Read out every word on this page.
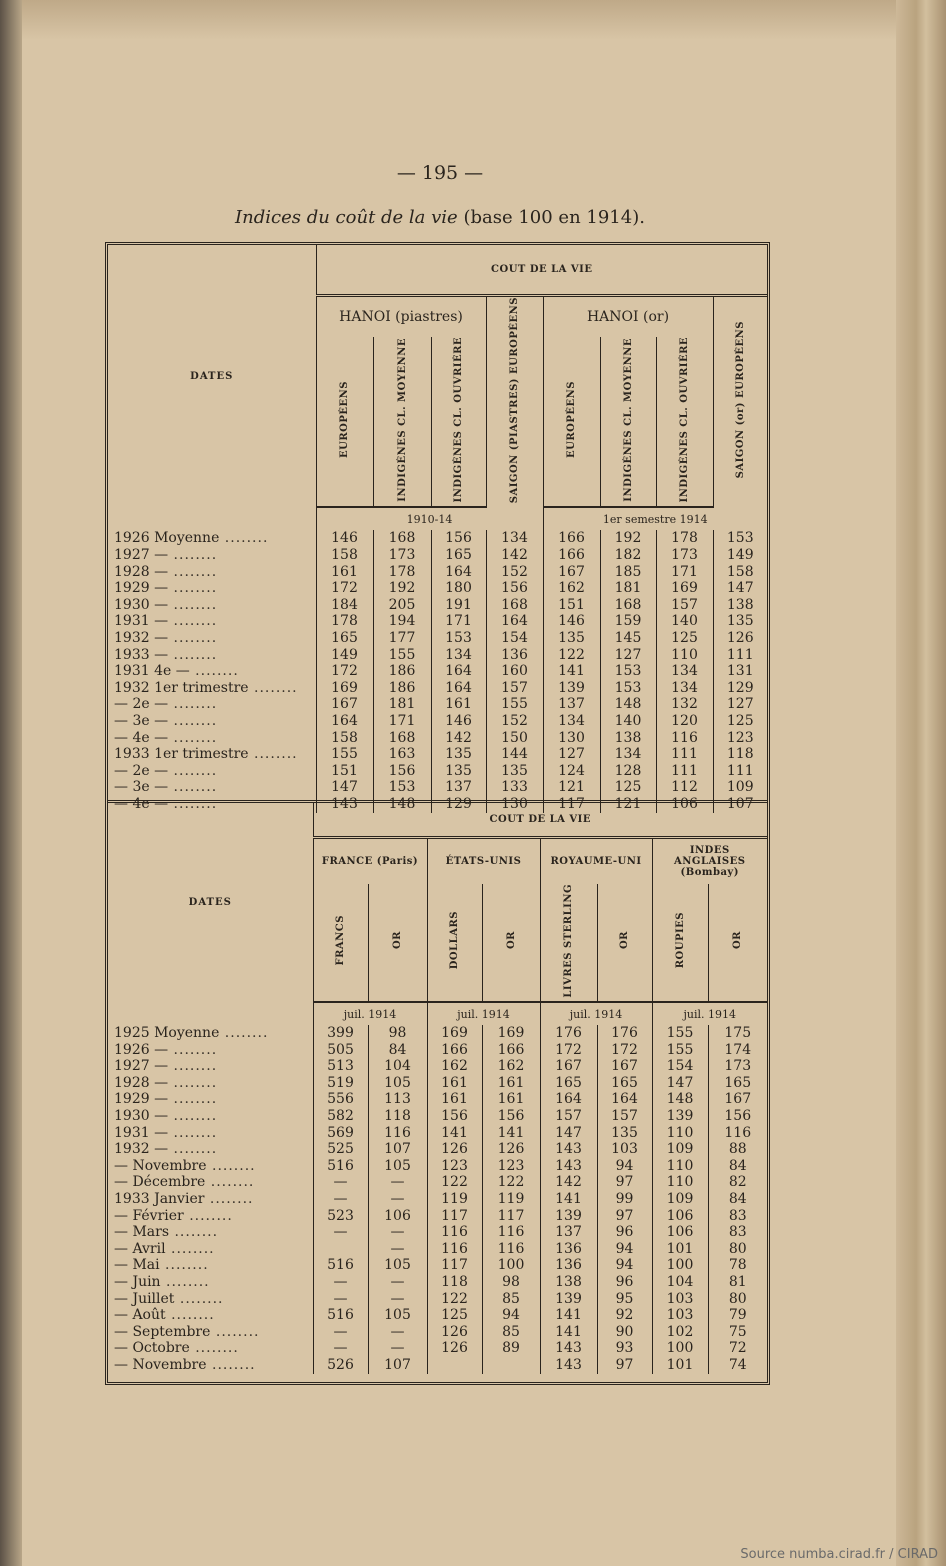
— 195 —
Indices du coût de la vie (base 100 en 1914).
DATES	COUT DE LA VIE							
	HANOI (piastres)			SAIGON (PIASTRES) EUROPÉENS	HANOI (or)			SAIGON (or) EUROPÉENS
	EUROPÉENS	INDIGÈNES CL. MOYENNE	INDIGÈNES CL. OUVRIÈRE		EUROPÉENS	INDIGÈNES CL. MOYENNE	INDIGÈNES CL. OUVRIÈRE	
	1910-14				1er semestre 1914			
1926 Moyenne ........	146	168	156	134	166	192	178	153
1927 — ........	158	173	165	142	166	182	173	149
1928 — ........	161	178	164	152	167	185	171	158
1929 — ........	172	192	180	156	162	181	169	147
1930 — ........	184	205	191	168	151	168	157	138
1931 — ........	178	194	171	164	146	159	140	135
1932 — ........	165	177	153	154	135	145	125	126
1933 — ........	149	155	134	136	122	127	110	111
1931 4e — ........	172	186	164	160	141	153	134	131
1932 1er trimestre ........	169	186	164	157	139	153	134	129
— 2e — ........	167	181	161	155	137	148	132	127
— 3e — ........	164	171	146	152	134	140	120	125
— 4e — ........	158	168	142	150	130	138	116	123
1933 1er trimestre ........	155	163	135	144	127	134	111	118
— 2e — ........	151	156	135	135	124	128	111	111
— 3e — ........	147	153	137	133	121	125	112	109
— 4e — ........	143	148	129	130	117	121	106	107
DATES	COUT DE LA VIE							
	FRANCE (Paris)		ÉTATS-UNIS		ROYAUME-UNI		INDES ANGLAISES (Bombay)	
	FRANCS	OR	DOLLARS	OR	LIVRES STERLING	OR	ROUPIES	OR
	juil. 1914		juil. 1914		juil. 1914		juil. 1914	
1925 Moyenne ........	399	98	169	169	176	176	155	175
1926 — ........	505	84	166	166	172	172	155	174
1927 — ........	513	104	162	162	167	167	154	173
1928 — ........	519	105	161	161	165	165	147	165
1929 — ........	556	113	161	161	164	164	148	167
1930 — ........	582	118	156	156	157	157	139	156
1931 — ........	569	116	141	141	147	135	110	116
1932 — ........	525	107	126	126	143	103	109	88
— Novembre ........	516	105	123	123	143	94	110	84
— Décembre ........	—	—	122	122	142	97	110	82
1933 Janvier ........	—	—	119	119	141	99	109	84
— Février ........	523	106	117	117	139	97	106	83
— Mars ........	—	—	116	116	137	96	106	83
— Avril ........		—	116	116	136	94	101	80
— Mai ........	516	105	117	100	136	94	100	78
— Juin ........	—	—	118	98	138	96	104	81
— Juillet ........	—	—	122	85	139	95	103	80
— Août ........	516	105	125	94	141	92	103	79
— Septembre ........	—	—	126	85	141	90	102	75
— Octobre ........	—	—	126	89	143	93	100	72
— Novembre ........	526	107			143	97	101	74
Source numba.cirad.fr / CIRAD
